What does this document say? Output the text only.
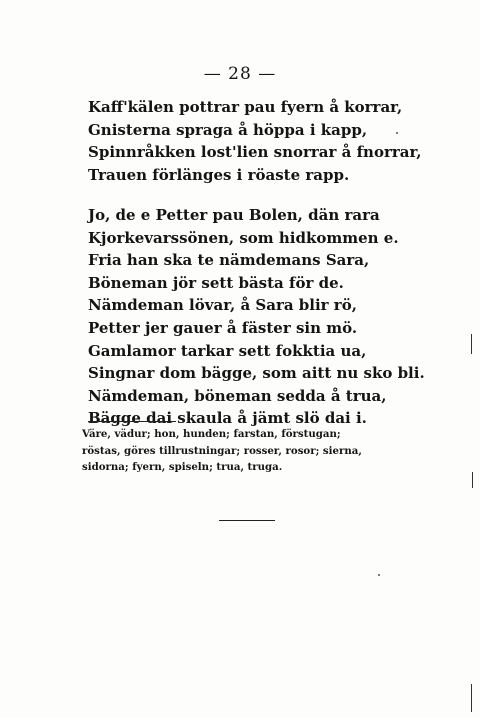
— 28 —
Kaff'kälen pottrar pau fyern å korrar,
Gnisterna spraga å höppa i kapp,
Spinnråkken lost'lien snorrar å fnorrar,
Trauen förlänges i röaste rapp.
Jo, de e Petter pau Bolen, dän rara
Kjorkevarssönen, som hidkommen e.
Fria han ska te nämdemans Sara,
Böneman jör sett bästa för de.
Nämdeman lövar, å Sara blir rö,
Petter jer gauer å fäster sin mö.
Gamlamor tarkar sett fokktia ua,
Singnar dom bägge, som aitt nu sko bli.
Nämdeman, böneman sedda å trua,
Bägge dai skaula å jämt slö dai i.
Väre, vädur; hon, hunden; farstan, förstugan;
röstas, göres tillrustningar; rosser, rosor; sierna,
sidorna; fyern, spiseln; trua, truga.
